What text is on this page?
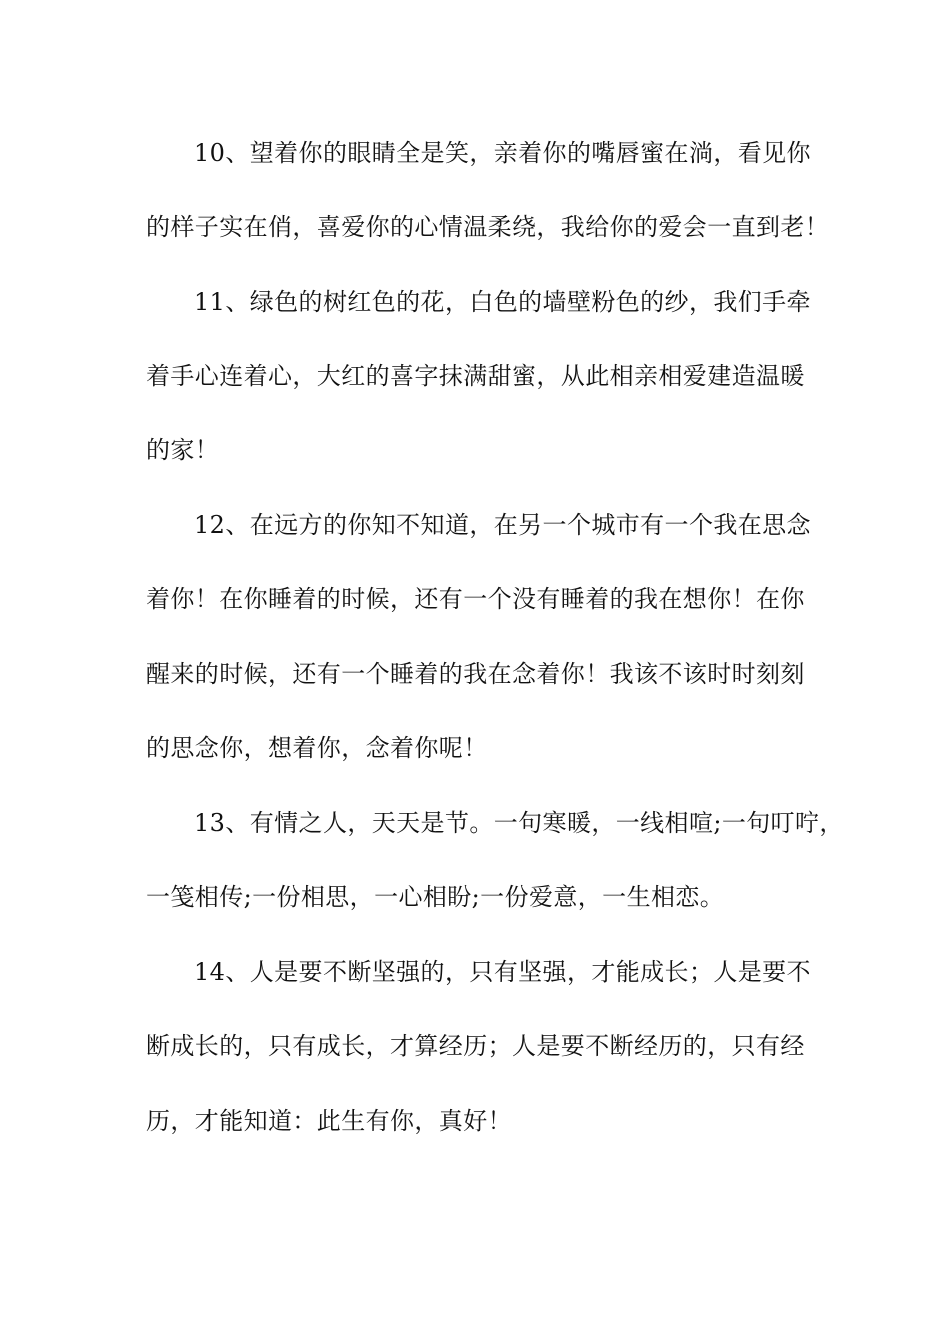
10、望着你的眼睛全是笑，亲着你的嘴唇蜜在淌，看见你
的样子实在俏，喜爱你的心情温柔绕，我给你的爱会一直到老！
11、绿色的树红色的花，白色的墙壁粉色的纱，我们手牵
着手心连着心，大红的喜字抹满甜蜜，从此相亲相爱建造温暖
的家！
12、在远方的你知不知道，在另一个城市有一个我在思念
着你！在你睡着的时候，还有一个没有睡着的我在想你！在你
醒来的时候，还有一个睡着的我在念着你！我该不该时时刻刻
的思念你，想着你，念着你呢！
13、有情之人，天天是节。一句寒暖，一线相喧;一句叮咛，
一笺相传;一份相思，一心相盼;一份爱意，一生相恋。
14、人是要不断坚强的，只有坚强，才能成长；人是要不
断成长的，只有成长，才算经历；人是要不断经历的，只有经
历，才能知道：此生有你，真好！
